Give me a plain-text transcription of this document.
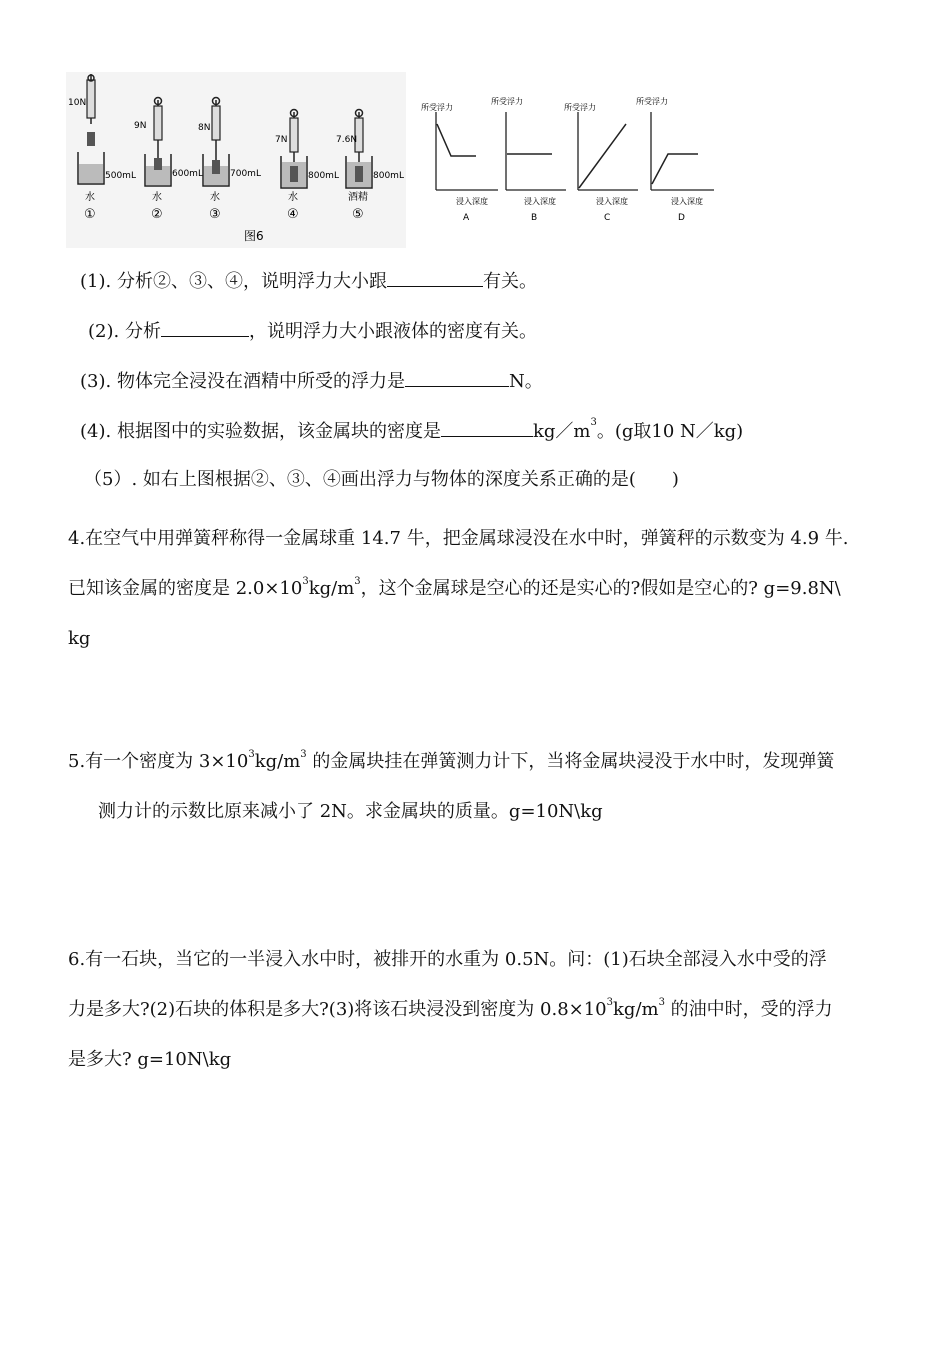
10N
500mL
水
①
9N
600mL
水
②
8N
700mL
水
③
7N
800mL
水
④
7.6N
800mL
酒精
⑤
图6
所受浮力
浸入深度
A
所受浮力
浸入深度
B
所受浮力
浸入深度
C
所受浮力
浸入深度
D
(1). 分析②、③、④，说明浮力大小跟	有关。
(2). 分析	，说明浮力大小跟液体的密度有关。
(3). 物体完全浸没在酒精中所受的浮力是	N。
(4). 根据图中的实验数据，该金属块的密度是	$kg/m^3$。(g取10 N／kg)
（5）. 如右上图根据②、③、④画出浮力与物体的深度关系正确的是(  )
4.在空气中用弹簧秤称得一金属球重 14.7 牛，把金属球浸没在水中时，弹簧秤的示数变为 4.9 牛.
已知该金属的密度是 $2.0\times 10^3kg/m^3$，这个金属球是空心的还是实心的?假如是空心的? g=9.8N\
kg
5.有一个密度为 $3\times 10^3kg/m^3$ 的金属块挂在弹簧测力计下，当将金属块浸没于水中时，发现弹簧
测力计的示数比原来减小了 2N。求金属块的质量。g=10N\kg
6.有一石块，当它的一半浸入水中时，被排开的水重为 0.5N。问：(1)石块全部浸入水中受的浮
力是多大?(2)石块的体积是多大?(3)将该石块浸没到密度为 $0.8\times 10^3kg/m^3$ 的油中时，受的浮力
是多大? g=10N\kg
